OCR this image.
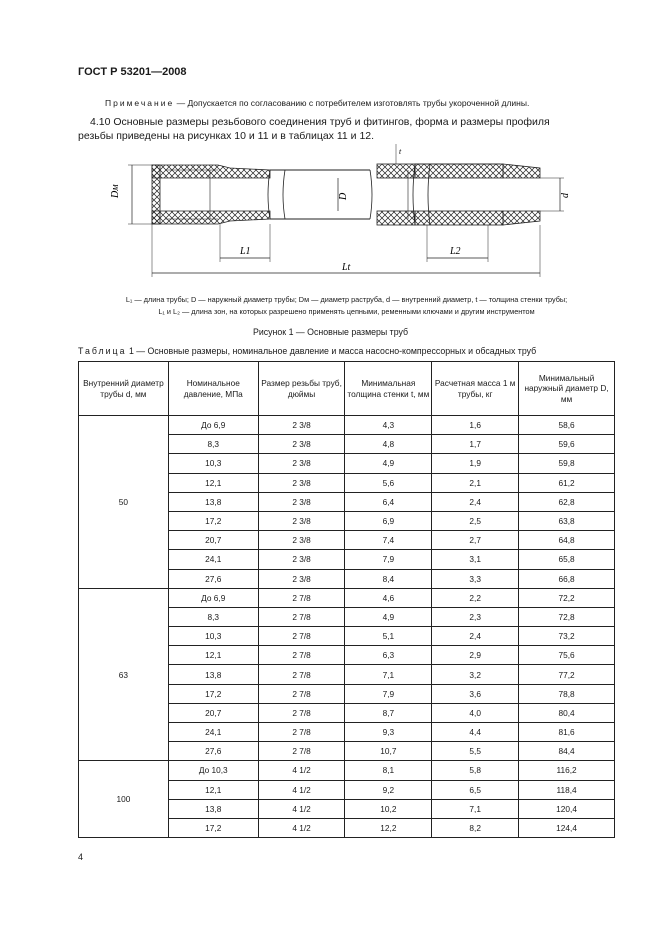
ГОСТ Р 53201—2008
Примечание — Допускается по согласованию с потребителем изготовлять трубы укороченной длины.
4.10 Основные размеры резьбового соединения труб и фитингов, форма и размеры профиля
резьбы приведены на рисунках 10 и 11 и в таблицах 11 и 12.
Dм	D	d
L1	L2
Lt
t
L₁ — длина трубы; D — наружный диаметр трубы; Dм — диаметр раструба, d — внутренний диаметр, t — толщина стенки трубы;
L₁ и L₂ — длина зон, на которых разрешено применять цепными, ременными ключами и другим инструментом
Рисунок 1 — Основные размеры труб
Таблица 1 — Основные размеры, номинальное давление и масса насосно-компрессорных и обсадных труб
Внутренний диаметр трубы d, мм	Номинальное давление, МПа	Размер резьбы труб, дюймы	Минимальная толщина стенки t, мм	Расчетная масса 1 м трубы, кг	Минимальный наружный диаметр D, мм
50	До 6,9	2 3/8	4,3	1,6	58,6
	8,3	2 3/8	4,8	1,7	59,6
	10,3	2 3/8	4,9	1,9	59,8
	12,1	2 3/8	5,6	2,1	61,2
	13,8	2 3/8	6,4	2,4	62,8
	17,2	2 3/8	6,9	2,5	63,8
	20,7	2 3/8	7,4	2,7	64,8
	24,1	2 3/8	7,9	3,1	65,8
	27,6	2 3/8	8,4	3,3	66,8
63	До 6,9	2 7/8	4,6	2,2	72,2
	8,3	2 7/8	4,9	2,3	72,8
	10,3	2 7/8	5,1	2,4	73,2
	12,1	2 7/8	6,3	2,9	75,6
	13,8	2 7/8	7,1	3,2	77,2
	17,2	2 7/8	7,9	3,6	78,8
	20,7	2 7/8	8,7	4,0	80,4
	24,1	2 7/8	9,3	4,4	81,6
	27,6	2 7/8	10,7	5,5	84,4
100	До 10,3	4 1/2	8,1	5,8	116,2
	12,1	4 1/2	9,2	6,5	118,4
	13,8	4 1/2	10,2	7,1	120,4
	17,2	4 1/2	12,2	8,2	124,4
4
